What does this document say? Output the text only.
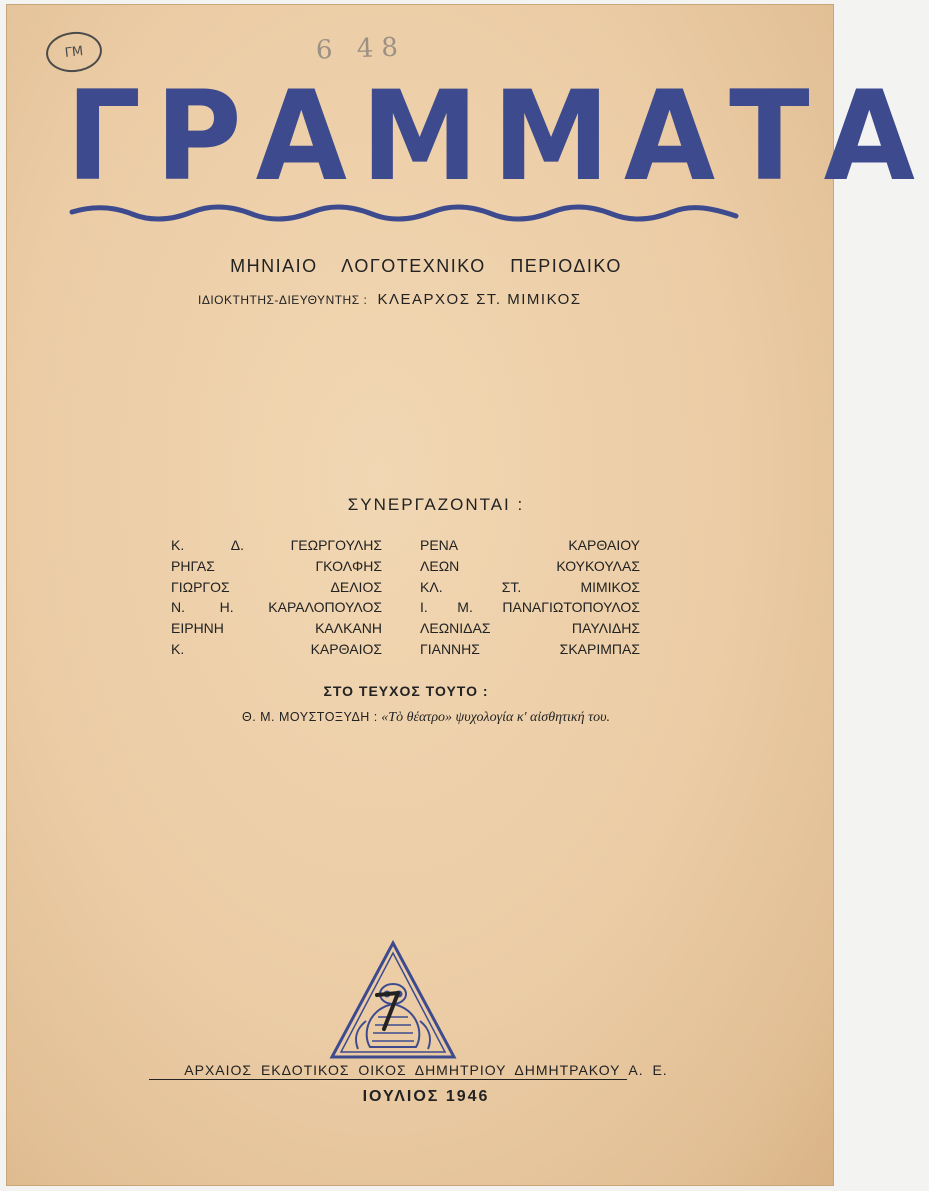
ΓΜ	6 48
ΓΡΑΜΜΑΤΑ
ΜΗΝΙΑΙΟ ΛΟΓΟΤΕΧΝΙΚΟ ΠΕΡΙΟΔΙΚΟ
ΙΔΙΟΚΤΗΤΗΣ-ΔΙΕΥΘΥΝΤΗΣ : ΚΛΕΑΡΧΟΣ ΣΤ. ΜΙΜΙΚΟΣ
ΣΥΝΕΡΓΑΖΟΝΤΑΙ :
Κ.	Δ.	ΓΕΩΡΓΟΥΛΗΣ
ΡΗΓΑΣ	ΓΚΟΛΦΗΣ
ΓΙΩΡΓΟΣ	ΔΕΛΙΟΣ
Ν. Η. ΚΑΡΑΛΟΠΟΥΛΟΣ
ΕΙΡΗΝΗ	ΚΑΛΚΑΝΗ
Κ.	ΚΑΡΘΑΙΟΣ
ΡΕΝΑ	ΚΑΡΘΑΙΟΥ
ΛΕΩΝ	ΚΟΥΚΟΥΛΑΣ
ΚΛ.	ΣΤ.	ΜΙΜΙΚΟΣ
Ι. Μ. ΠΑΝΑΓΙΩΤΟΠΟΥΛΟΣ
ΛΕΩΝΙΔΑΣ	ΠΑΥΛΙΔΗΣ
ΓΙΑΝΝΗΣ	ΣΚΑΡΙΜΠΑΣ
ΣΤΟ ΤΕΥΧΟΣ ΤΟΥΤΟ :
Θ. Μ. ΜΟΥΣΤΟΞΥΔΗ : «Τὸ θέατρο» ψυχολογία κ' αἰσθητική του.
ΑΡΧΑΙΟΣ ΕΚΔΟΤΙΚΟΣ ΟΙΚΟΣ ΔΗΜΗΤΡΙΟΥ ΔΗΜΗΤΡΑΚΟΥ Α. Ε.
ΙΟΥΛΙΟΣ 1946
